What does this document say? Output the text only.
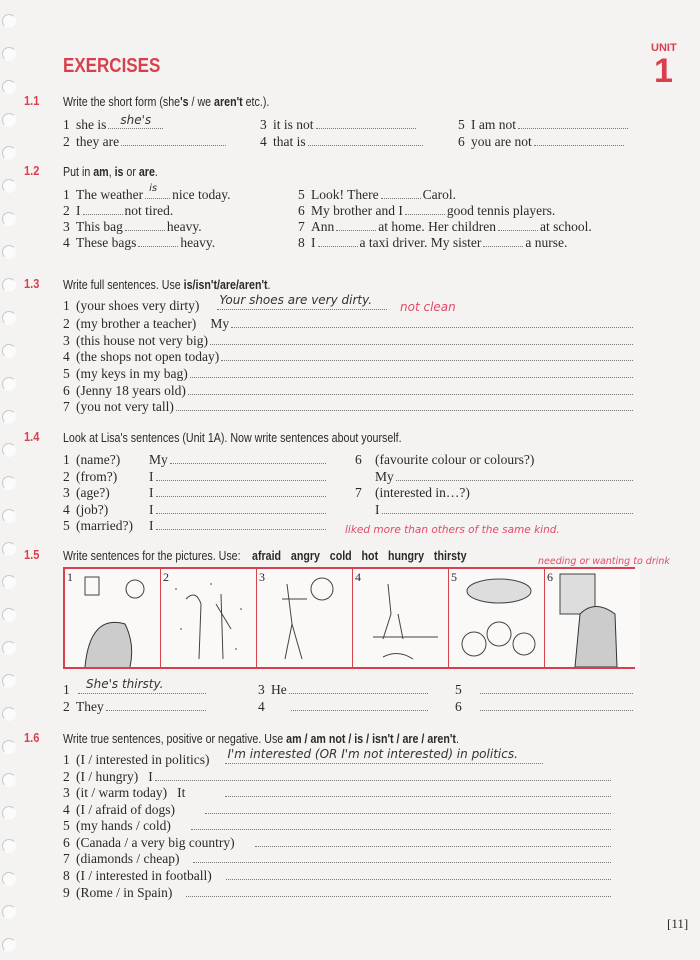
EXERCISES
UNIT
1
1.1 Write the short form (she's / we aren't etc.).
1 she is she's
2 they are
3 it is not
4 that is
5 I am not
6 you are not
1.2 Put in am, is or are.
1 The weather is nice today.
2 I	not tired.
3 This bag	heavy.
4 These bags	heavy.
5 Look! There	Carol.
6 My brother and I	good tennis players.
7 Ann	at home. Her children	at school.
8 I	a taxi driver. My sister	a nurse.
1.3 Write full sentences. Use is/isn't/are/aren't.
1 (your shoes very dirty) Your shoes are very dirty. not clean
2 (my brother a teacher) My
3 (this house not very big)
4 (the shops not open today)
5 (my keys in my bag)
6 (Jenny 18 years old)
7 (you not very tall)
1.4 Look at Lisa's sentences (Unit 1A). Now write sentences about yourself.
1 (name?)	My
2 (from?)	I
3 (age?)	I
4 (job?)	I
5 (married?)	I
6 (favourite colour or colours?)
My
7 (interested in…?)
I
liked more than others of the same kind.
1.5 Write sentences for the pictures. Use: afraid angry cold hot hungry thirsty	needing or wanting to drink
1	2	3	4	5	6
1	She's thirsty.
2 They
3 He
4
5
6
1.6 Write true sentences, positive or negative. Use am / am not / is / isn't / are / aren't.
1 (I / interested in politics) I'm interested (OR I'm not interested) in politics.
2 (I / hungry) I
3 (it / warm today) It
4 (I / afraid of dogs)
5 (my hands / cold)
6 (Canada / a very big country)
7 (diamonds / cheap)
8 (I / interested in football)
9 (Rome / in Spain)
[11]
